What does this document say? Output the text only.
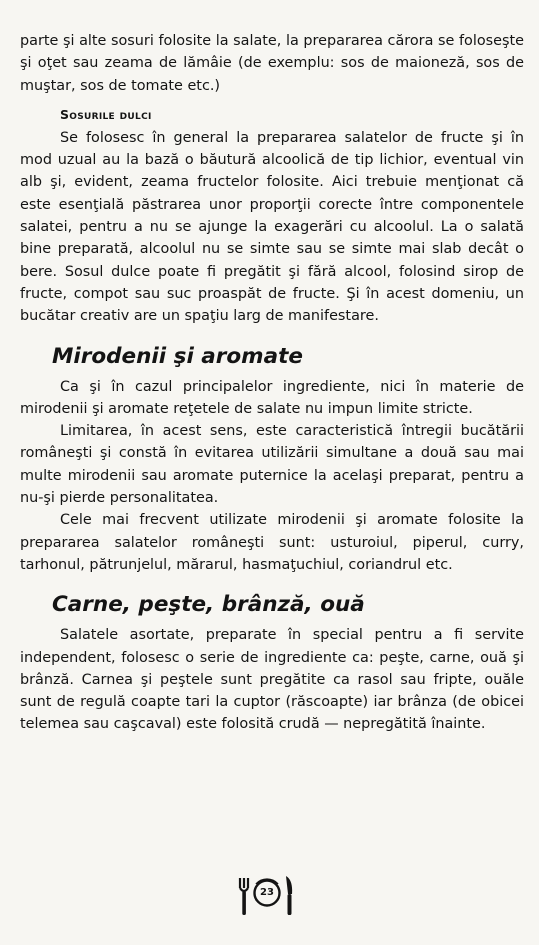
parte şi alte sosuri folosite la salate, la prepararea cărora se foloseşte şi oţet sau zeama de lămâie (de exemplu: sos de maioneză, sos de muştar, sos de tomate etc.)

Sosurile dulci

Se folosesc în general la prepararea salatelor de fructe şi în mod uzual au la bază o băutură alcoolică de tip lichior, eventual vin alb şi, evident, zeama fructelor folosite. Aici trebuie menţionat că este esenţială păstrarea unor proporţii corecte între componentele salatei, pentru a nu se ajunge la exagerări cu alcoolul. La o salată bine preparată, alcoolul nu se simte sau se simte mai slab decât o bere. Sosul dulce poate fi pregătit şi fără alcool, folosind sirop de fructe, compot sau suc proaspăt de fructe. Şi în acest domeniu, un bucătar creativ are un spaţiu larg de manifestare.

Mirodenii şi aromate

Ca şi în cazul principalelor ingrediente, nici în materie de mirodenii şi aromate reţetele de salate nu impun limite stricte.

Limitarea, în acest sens, este caracteristică întregii bucătării româneşti şi constă în evitarea utilizării simultane a două sau mai multe mirodenii sau aromate puternice la acelaşi preparat, pentru a nu-şi pierde personalitatea.

Cele mai frecvent utilizate mirodenii şi aromate folosite la prepararea salatelor româneşti sunt: usturoiul, piperul, curry, tarhonul, pătrunjelul, mărarul, hasmaţuchiul, coriandrul etc.

Carne, peşte, brânză, ouă

Salatele asortate, preparate în special pentru a fi servite independent, folosesc o serie de ingrediente ca: peşte, carne, ouă şi brânză. Carnea şi peştele sunt pregătite ca rasol sau fripte, ouăle sunt de regulă coapte tari la cuptor (răscoapte) iar brânza (de obicei telemea sau caşcaval) este folosită crudă — nepregătită înainte.

23
